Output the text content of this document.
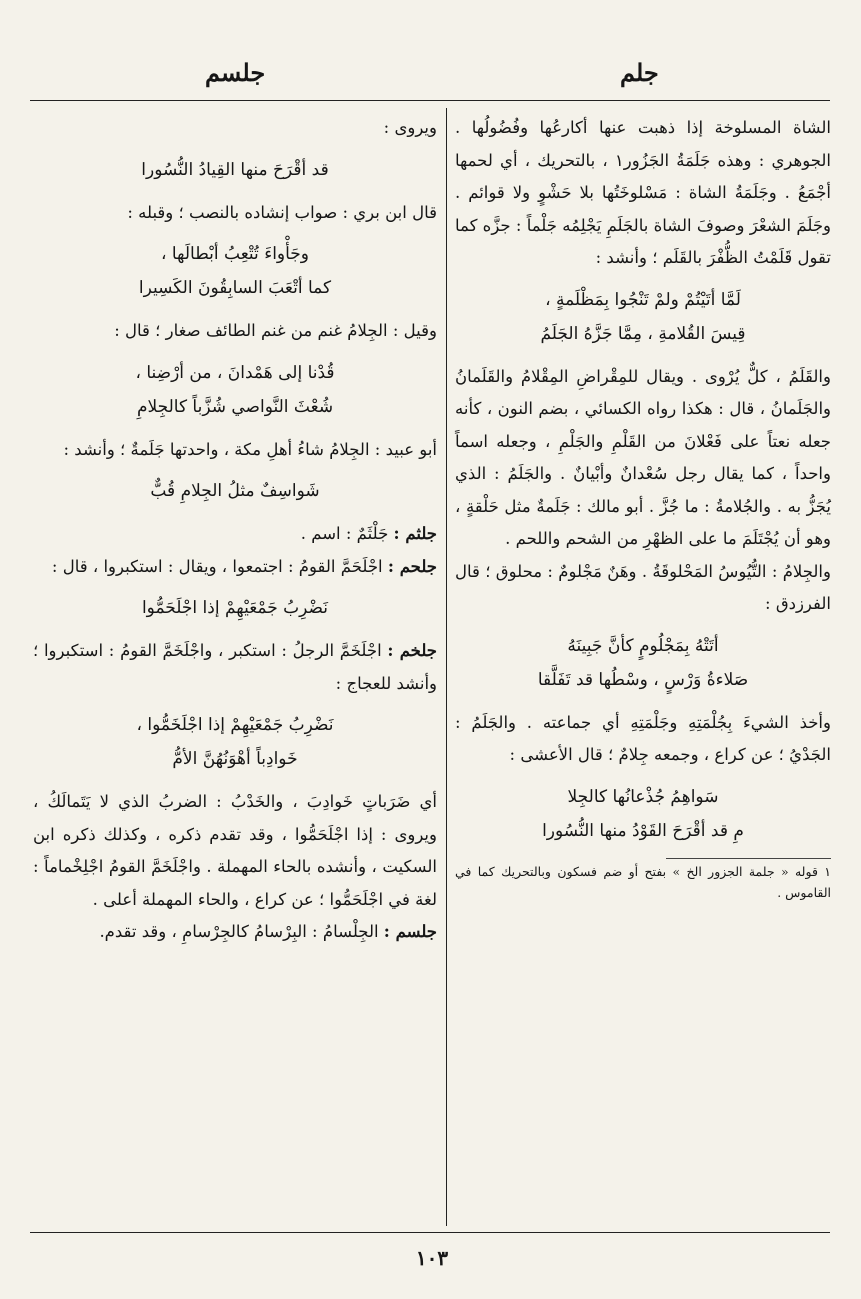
جلم
جلسم

الشاة المسلوخة إذا ذهبت عنها أكارعُها وفُضُولُها . الجوهري : وهذه جَلَمَةُ الجَزُور١ ، بالتحريك ، أي لحمها أجْمَعُ . وجَلَمَةُ الشاة : مَسْلوخَتُها بلا حَشْوٍ ولا قوائم . وجَلَمَ الشعْرَ وصوفَ الشاة بالجَلَمِ يَجْلِمُه جَلْماً : جزَّه كما تقول قَلَمْتُ الظُّفْرَ بالقَلَم ؛ وأنشد :

لَمَّا أتَيْتُمْ ولمْ تَنْجُوا بِمَظْلَمةٍ ،
قِيسَ القُلامةِ ، مِمَّا جَزَّهُ الجَلَمُ

والقَلَمُ ، كلٌّ يُرْوى . ويقال للمِقْراضِ المِقْلامُ والقَلَمانُ والجَلَمانُ ، قال : هكذا رواه الكسائي ، بضم النون ، كأنه جعله نعتاً على فَعْلانَ من القَلْمِ والجَلْمِ ، وجعله اسماً واحداً ، كما يقال رجل سُعْدانٌ وأبْيانٌ . والجَلَمُ : الذي يُجَزُّ به . والجُلامةُ : ما جُزَّ . أبو مالك : جَلَمةٌ مثل حَلْقةٍ ، وهو أن يُجْتَلَمَ ما على الظهْرِ من الشحم واللحم .

والجِلامُ : التُّيُوسُ المَحْلوقَةُ . وهَنٌ مَجْلومٌ : محلوق ؛ قال الفرزدق :

أتَتْهُ بِمَجْلُومٍ كأنَّ جَبِينَهُ
صَلاءةُ وَرْسٍ ، وسْطُها قد تَفَلَّقا

وأخذ الشيءَ بِجُلْمَتِهِ وجَلْمَتِهِ أي جماعته . والجَلَمُ : الجَدْيُ ؛ عن كراع ، وجمعه جِلامٌ ؛ قال الأعشى :

سَواهِمُ جُذْعانُها كالجِلا
مِ قد أقْرَحَ القَوْدُ منها النُّسُورا

١ قوله « جلمة الجزور الخ » بفتح أو ضم فسكون وبالتحريك كما في القاموس .

ويروى :

قد أقْرَحَ منها القِيادُ النُّسُورا

قال ابن بري : صواب إنشاده بالنصب ؛ وقبله :

وجَأْواءَ تُتْعِبُ أبْطالَها ،
كما أتْعَبَ السابِقُونَ الكَسِيرا

وقيل : الجِلامُ غنم من غنم الطائف صغار ؛ قال :

قُدْنا إلى هَمْدانَ ، من أرْضِنا ،
شُعْثَ النَّواصي شُزَّباً كالجِلامِ

أبو عبيد : الجِلامُ شاءُ أهلِ مكة ، واحدتها جَلَمةٌ ؛ وأنشد :

شَواسِفٌ مثلُ الجِلامِ قُبٌّ

جلثم : جَلْثَمٌ : اسم .

جلحم : اجْلَحَمَّ القومُ : اجتمعوا ، ويقال : استكبروا ، قال :

نَضْرِبُ جَمْعَيْهِمْ إذا اجْلَحَمُّوا

جلخم : اجْلَخَمَّ الرجلُ : استكبر ، واجْلَخَمَّ القومُ : استكبروا ؛ وأنشد للعجاج :

نَضْرِبُ جَمْعَيْهِمْ إذا اجْلَخَمُّوا ،
خَوادِباً أهْوَنُهُنَّ الأمُّ

أي ضَرَباتٍ خَوادِبَ ، والخَدْبُ : الضربُ الذي لا يَتَمالَكُ ، ويروى : إذا اجْلَحَمُّوا ، وقد تقدم ذكره ، وكذلك ذكره ابن السكيت ، وأنشده بالحاء المهملة . واجْلَخَمَّ القومُ اجْلِخْماماً : لغة في اجْلَحَمُّوا ؛ عن كراع ، والحاء المهملة أعلى .

جلسم : الجِلْسامُ : البِرْسامُ كالجِرْسامِ ، وقد تقدم.

١٠٣
